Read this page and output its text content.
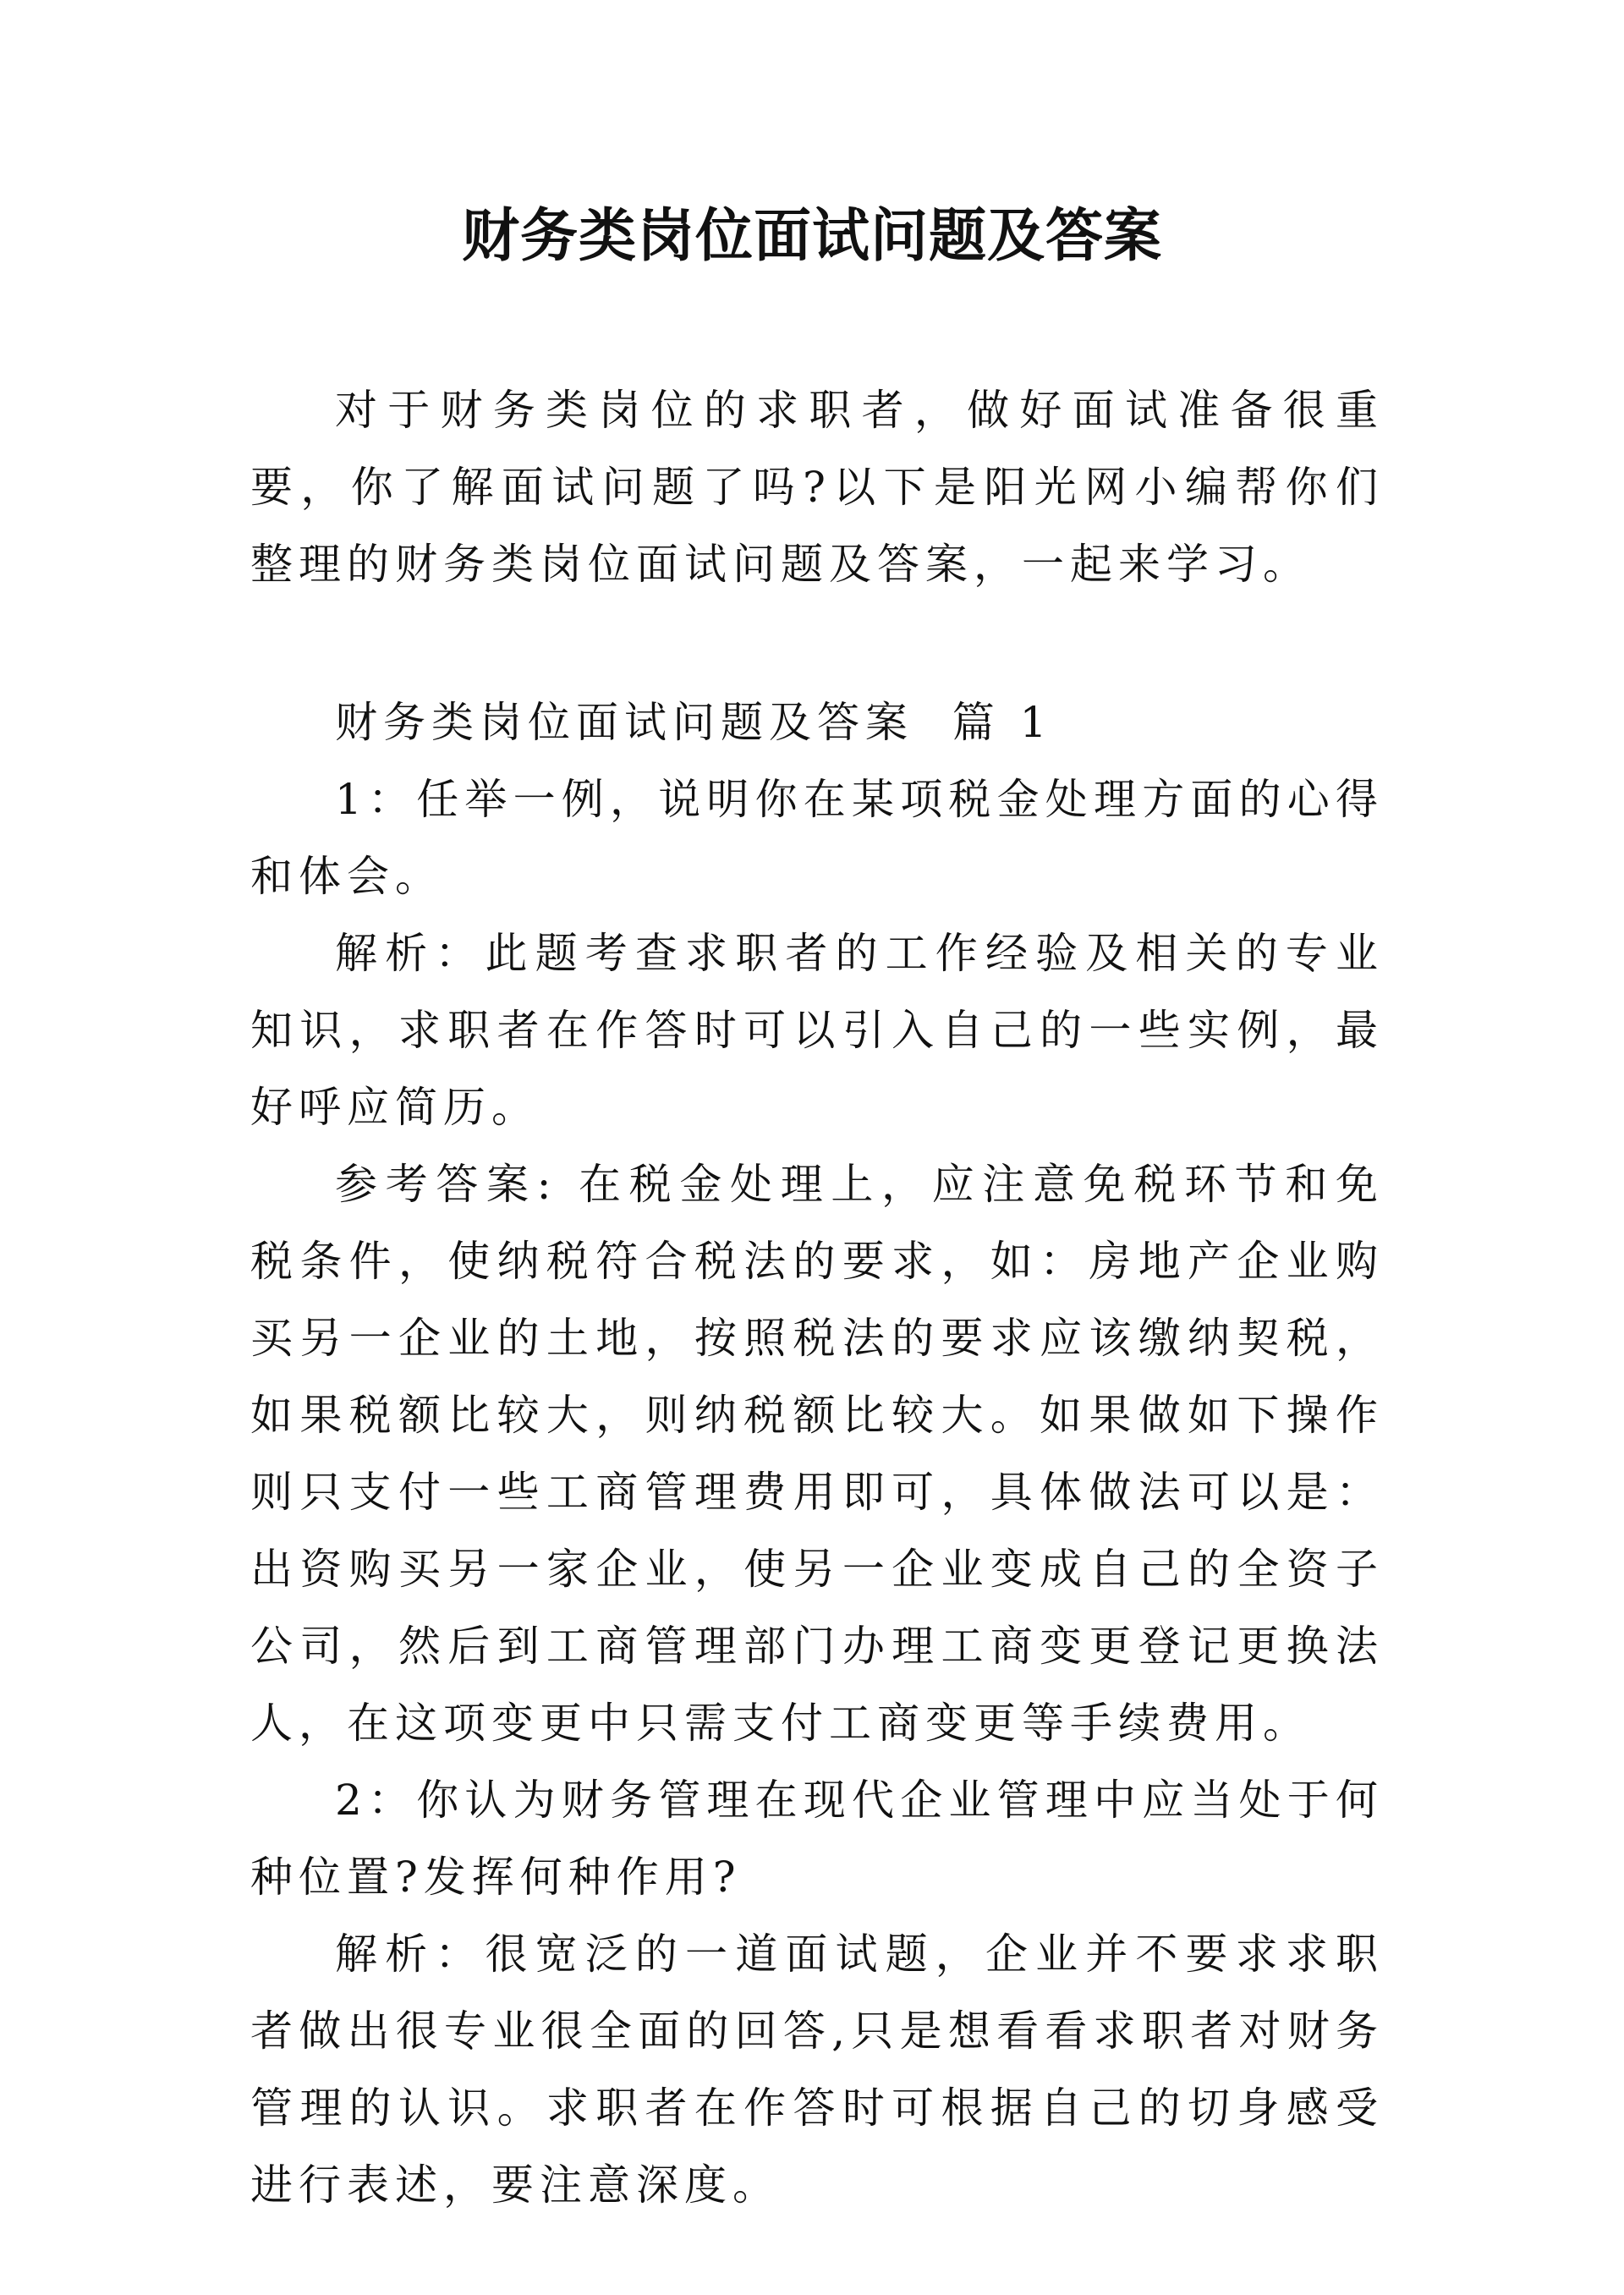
财务类岗位面试问题及答案

对于财务类岗位的求职者，做好面试准备很重要，你了解面试问题了吗?以下是阳光网小编帮你们整理的财务类岗位面试问题及答案，一起来学习。

财务类岗位面试问题及答案  篇 1

1：任举一例，说明你在某项税金处理方面的心得和体会。

解析：此题考查求职者的工作经验及相关的专业知识，求职者在作答时可以引入自己的一些实例，最好呼应简历。

参考答案: 在税金处理上，应注意免税环节和免税条件，使纳税符合税法的要求，如：房地产企业购买另一企业的土地，按照税法的要求应该缴纳契税，如果税额比较大，则纳税额比较大。如果做如下操作则只支付一些工商管理费用即可，具体做法可以是：出资购买另一家企业，使另一企业变成自己的全资子公司，然后到工商管理部门办理工商变更登记更换法人，在这项变更中只需支付工商变更等手续费用。

2：你认为财务管理在现代企业管理中应当处于何种位置?发挥何种作用?

解析：很宽泛的一道面试题，企业并不要求求职者做出很专业很全面的回答,只是想看看求职者对财务管理的认识。求职者在作答时可根据自己的切身感受进行表述，要注意深度。
